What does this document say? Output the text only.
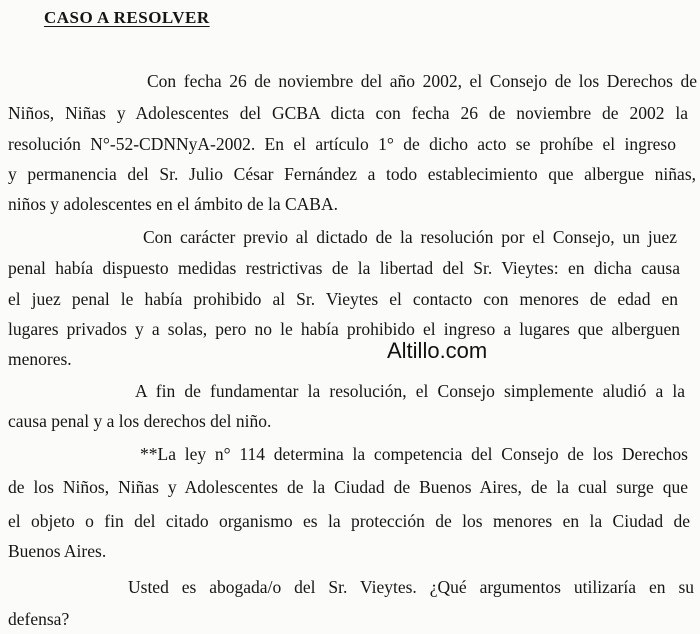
CASO A RESOLVER
Con fecha 26 de noviembre del año 2002, el Consejo de los Derechos de
Niños, Niñas y Adolescentes del GCBA dicta con fecha 26 de noviembre de 2002 la
resolución N°-52-CDNNyA-2002. En el artículo 1° de dicho acto se prohíbe el ingreso
y permanencia del Sr. Julio César Fernández a todo establecimiento que albergue niñas,
niños y adolescentes en el ámbito de la CABA.
Con carácter previo al dictado de la resolución por el Consejo, un juez
penal había dispuesto medidas restrictivas de la libertad del Sr. Vieytes: en dicha causa
el juez penal le había prohibido al Sr. Vieytes el contacto con menores de edad en
lugares privados y a solas, pero no le había prohibido el ingreso a lugares que alberguen
menores.
A fin de fundamentar la resolución, el Consejo simplemente aludió a la
causa penal y a los derechos del niño.
**La ley n° 114 determina la competencia del Consejo de los Derechos
de los Niños, Niñas y Adolescentes de la Ciudad de Buenos Aires, de la cual surge que
el objeto o fin del citado organismo es la protección de los menores en la Ciudad de
Buenos Aires.
Usted es abogada/o del Sr. Vieytes. ¿Qué argumentos utilizaría en su
defensa?
Altillo.com
